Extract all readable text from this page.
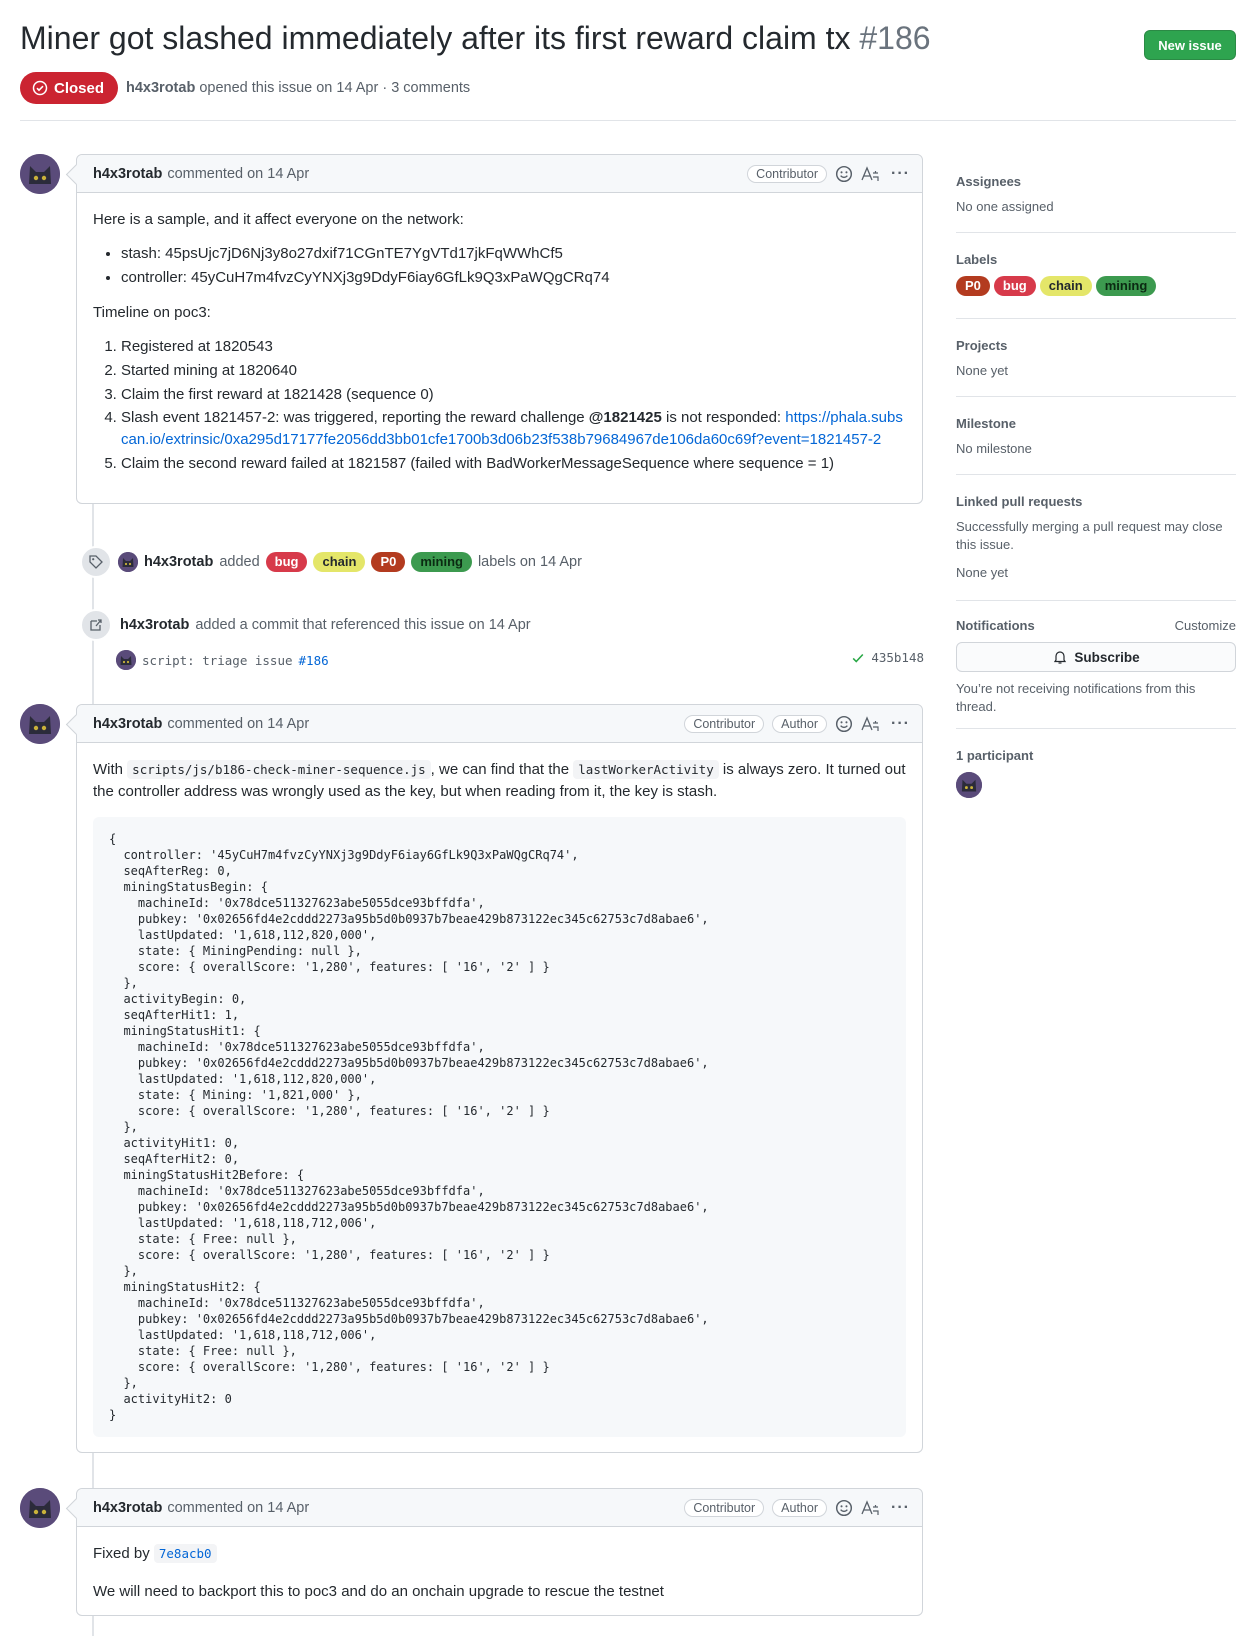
Miner got slashed immediately after its first reward claim tx #186	New issue
Closed h4x3rotab opened this issue on 14 Apr · 3 comments
h4x3rotab commented on 14 Apr	Contributor	···

Here is a sample, and it affect everyone on the network:

• stash: 45psUjc7jD6Nj3y8o27dxif71CGnTE7YgVTd17jkFqWWhCf5
• controller: 45yCuH7m4fvzCyYNXj3g9DdyF6iay6GfLk9Q3xPaWQgCRq74

Timeline on poc3:

1. Registered at 1820543
2. Started mining at 1820640
3. Claim the first reward at 1821428 (sequence 0)
4. Slash event 1821457-2: was triggered, reporting the reward challenge @1821425 is not responded: https://phala.subscan.io/extrinsic/0xa295d17177fe2056dd3bb01cfe1700b3d06b23f538b79684967de106da60c69f?event=1821457-2
5. Claim the second reward failed at 1821587 (failed with BadWorkerMessageSequence where sequence = 1)
h4x3rotab added	bug	chain	P0	mining	labels on 14 Apr
h4x3rotab added a commit that referenced this issue on 14 Apr
script: triage issue #186	435b148
h4x3rotab commented on 14 Apr	Contributor	Author	···

With scripts/js/b186-check-miner-sequence.js , we can find that the lastWorkerActivity is always zero. It turned out the controller address was wrongly used as the key, but when reading from it, the key is stash.

{
controller: '45yCuH7m4fvzCyYNXj3g9DdyF6iay6GfLk9Q3xPaWQgCRq74',
seqAfterReg: 0,
miningStatusBegin: {
machineId: '0x78dce511327623abe5055dce93bffdfa',
pubkey: '0x02656fd4e2cddd2273a95b5d0b0937b7beae429b873122ec345c62753c7d8abae6',
lastUpdated: '1,618,112,820,000',
state: { MiningPending: null },
score: { overallScore: '1,280', features: [ '16', '2' ] }
},
activityBegin: 0,
seqAfterHit1: 1,
miningStatusHit1: {
machineId: '0x78dce511327623abe5055dce93bffdfa',
pubkey: '0x02656fd4e2cddd2273a95b5d0b0937b7beae429b873122ec345c62753c7d8abae6',
lastUpdated: '1,618,112,820,000',
state: { Mining: '1,821,000' },
score: { overallScore: '1,280', features: [ '16', '2' ] }
},
activityHit1: 0,
seqAfterHit2: 0,
miningStatusHit2Before: {
machineId: '0x78dce511327623abe5055dce93bffdfa',
pubkey: '0x02656fd4e2cddd2273a95b5d0b0937b7beae429b873122ec345c62753c7d8abae6',
lastUpdated: '1,618,118,712,006',
state: { Free: null },
score: { overallScore: '1,280', features: [ '16', '2' ] }
},
miningStatusHit2: {
machineId: '0x78dce511327623abe5055dce93bffdfa',
pubkey: '0x02656fd4e2cddd2273a95b5d0b0937b7beae429b873122ec345c62753c7d8abae6',
lastUpdated: '1,618,118,712,006',
state: { Free: null },
score: { overallScore: '1,280', features: [ '16', '2' ] }
},
activityHit2: 0
}
h4x3rotab commented on 14 Apr	Contributor	Author	···

Fixed by 7e8acb0

We will need to backport this to poc3 and do an onchain upgrade to rescue the testnet

Assignees
No one assigned
Labels
P0	bug	chain	mining
Projects
None yet
Milestone
No milestone
Linked pull requests
Successfully merging a pull request may close this issue.
None yet
Notifications	Customize
Subscribe
You’re not receiving notifications from this thread.
1 participant
